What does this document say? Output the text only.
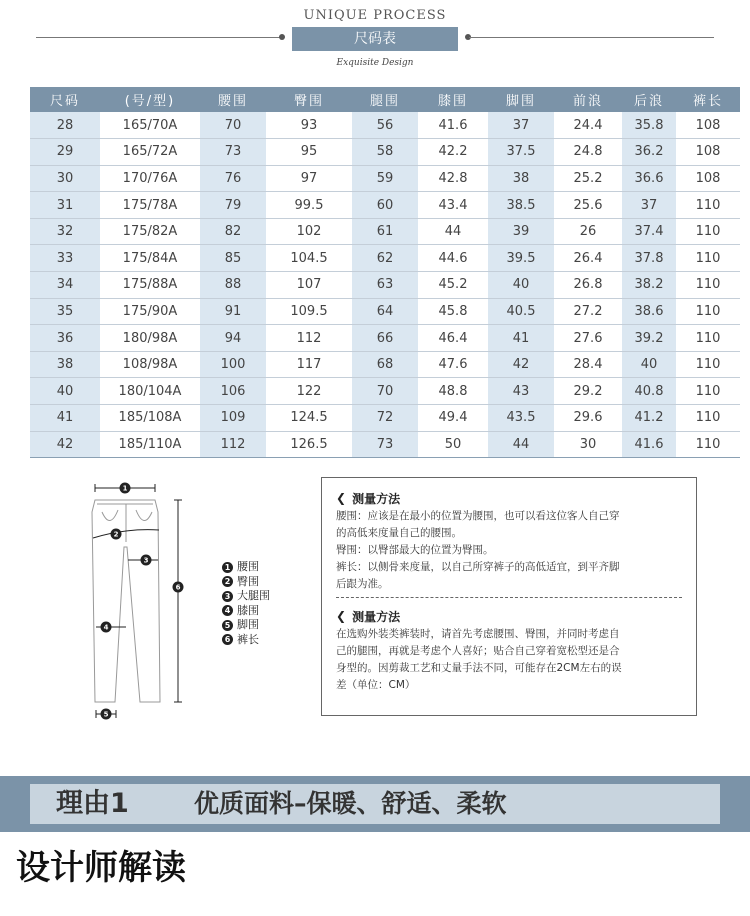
UNIQUE PROCESS
尺码表
Exquisite Design
尺码	(号/型)	腰围	臀围	腿围	膝围	脚围	前浪	后浪	裤长
28	165/70A	70	93	56	41.6	37	24.4	35.8	108
29	165/72A	73	95	58	42.2	37.5	24.8	36.2	108
30	170/76A	76	97	59	42.8	38	25.2	36.6	108
31	175/78A	79	99.5	60	43.4	38.5	25.6	37	110
32	175/82A	82	102	61	44	39	26	37.4	110
33	175/84A	85	104.5	62	44.6	39.5	26.4	37.8	110
34	175/88A	88	107	63	45.2	40	26.8	38.2	110
35	175/90A	91	109.5	64	45.8	40.5	27.2	38.6	110
36	180/98A	94	112	66	46.4	41	27.6	39.2	110
38	108/98A	100	117	68	47.6	42	28.4	40	110
40	180/104A	106	122	70	48.8	43	29.2	40.8	110
41	185/108A	109	124.5	72	49.4	43.5	29.6	41.2	110
42	185/110A	112	126.5	73	50	44	30	41.6	110
1
2
3
4
5
6
1 腰围
2 臀围
3 大腿围
4 膝围
5 脚围
6 裤长
❮ 测量方法
腰围：应该是在最小的位置为腰围，也可以看这位客人自己穿
的高低来度量自己的腰围。
臀围：以臀部最大的位置为臀围。
裤长：以侧骨来度量，以自己所穿裤子的高低适宜，到平齐脚
后跟为准。
❮ 测量方法
在选购外装类裤装时，请首先考虑腰围、臀围，并同时考虑自
己的腿围，再就是考虑个人喜好；贴合自己穿着宽松型还是合
身型的。因剪裁工艺和丈量手法不同，可能存在2CM左右的误
差（单位：CM）
理由1	优质面料–保暖、舒适、柔软
设计师解读
